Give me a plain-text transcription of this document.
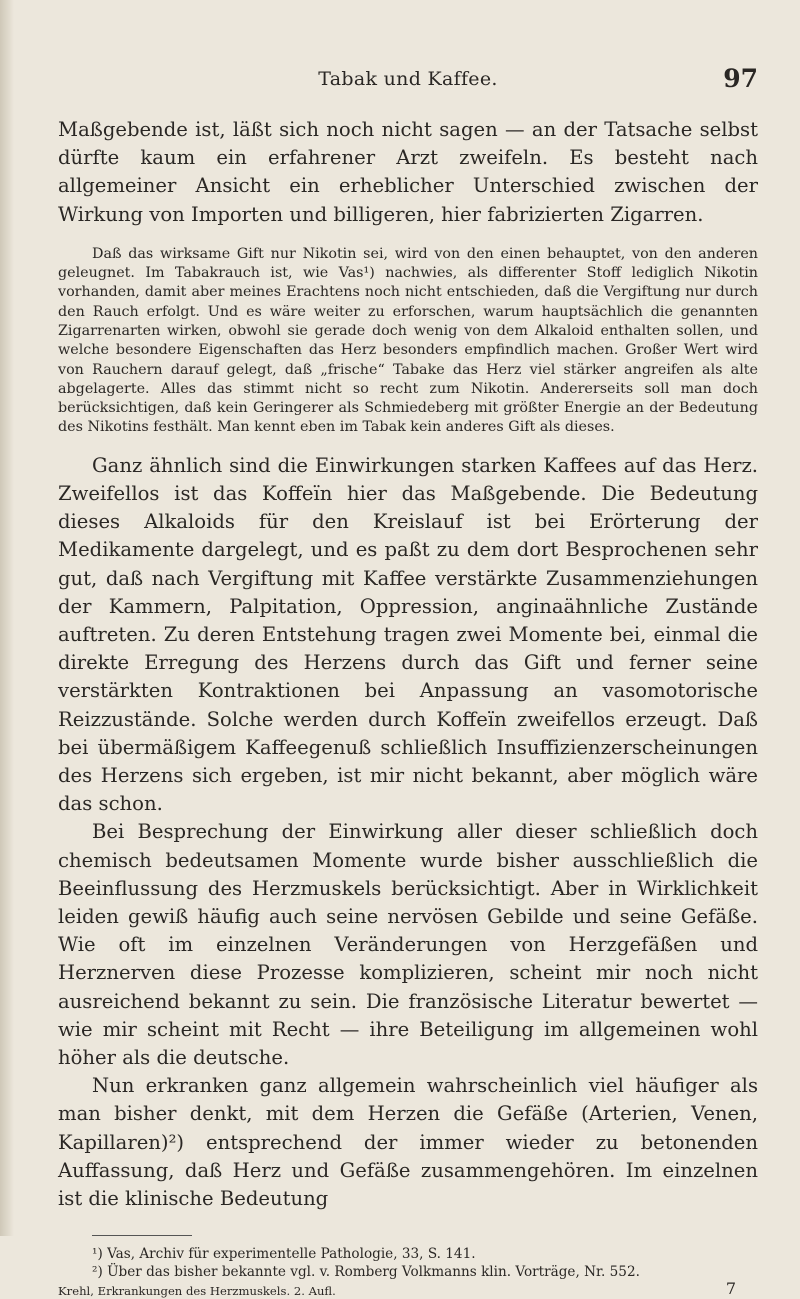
Tabak und Kaffee.	97

Maßgebende ist, läßt sich noch nicht sagen — an der Tatsache selbst dürfte kaum ein erfahrener Arzt zweifeln. Es besteht nach allgemeiner Ansicht ein erheblicher Unterschied zwischen der Wirkung von Importen und billigeren, hier fabrizierten Zigarren.

Daß das wirksame Gift nur Nikotin sei, wird von den einen behauptet, von den anderen geleugnet. Im Tabakrauch ist, wie Vas¹) nachwies, als differenter Stoff lediglich Nikotin vorhanden, damit aber meines Erachtens noch nicht entschieden, daß die Vergiftung nur durch den Rauch erfolgt. Und es wäre weiter zu erforschen, warum hauptsächlich die genannten Zigarrenarten wirken, obwohl sie gerade doch wenig von dem Alkaloid enthalten sollen, und welche besondere Eigenschaften das Herz besonders empfindlich machen. Großer Wert wird von Rauchern darauf gelegt, daß „frische“ Tabake das Herz viel stärker angreifen als alte abgelagerte. Alles das stimmt nicht so recht zum Nikotin. Andererseits soll man doch berücksichtigen, daß kein Geringerer als Schmiedeberg mit größter Energie an der Bedeutung des Nikotins festhält. Man kennt eben im Tabak kein anderes Gift als dieses.

Ganz ähnlich sind die Einwirkungen starken Kaffees auf das Herz. Zweifellos ist das Koffeïn hier das Maßgebende. Die Bedeutung dieses Alkaloids für den Kreislauf ist bei Erörterung der Medikamente dargelegt, und es paßt zu dem dort Besprochenen sehr gut, daß nach Vergiftung mit Kaffee verstärkte Zusammenziehungen der Kammern, Palpitation, Oppression, anginaähnliche Zustände auftreten. Zu deren Entstehung tragen zwei Momente bei, einmal die direkte Erregung des Herzens durch das Gift und ferner seine verstärkten Kontraktionen bei Anpassung an vasomotorische Reizzustände. Solche werden durch Koffeïn zweifellos erzeugt. Daß bei übermäßigem Kaffeegenuß schließlich Insuffizienzerscheinungen des Herzens sich ergeben, ist mir nicht bekannt, aber möglich wäre das schon.

Bei Besprechung der Einwirkung aller dieser schließlich doch chemisch bedeutsamen Momente wurde bisher ausschließlich die Beeinflussung des Herzmuskels berücksichtigt. Aber in Wirklichkeit leiden gewiß häufig auch seine nervösen Gebilde und seine Gefäße. Wie oft im einzelnen Veränderungen von Herzgefäßen und Herznerven diese Prozesse komplizieren, scheint mir noch nicht ausreichend bekannt zu sein. Die französische Literatur bewertet — wie mir scheint mit Recht — ihre Beteiligung im allgemeinen wohl höher als die deutsche.

Nun erkranken ganz allgemein wahrscheinlich viel häufiger als man bisher denkt, mit dem Herzen die Gefäße (Arterien, Venen, Kapillaren)²) entsprechend der immer wieder zu betonenden Auffassung, daß Herz und Gefäße zusammengehören. Im einzelnen ist die klinische Bedeutung

¹) Vas, Archiv für experimentelle Pathologie, 33, S. 141.

²) Über das bisher bekannte vgl. v. Romberg Volkmanns klin. Vorträge, Nr. 552.

Krehl, Erkrankungen des Herzmuskels. 2. Aufl.	7
